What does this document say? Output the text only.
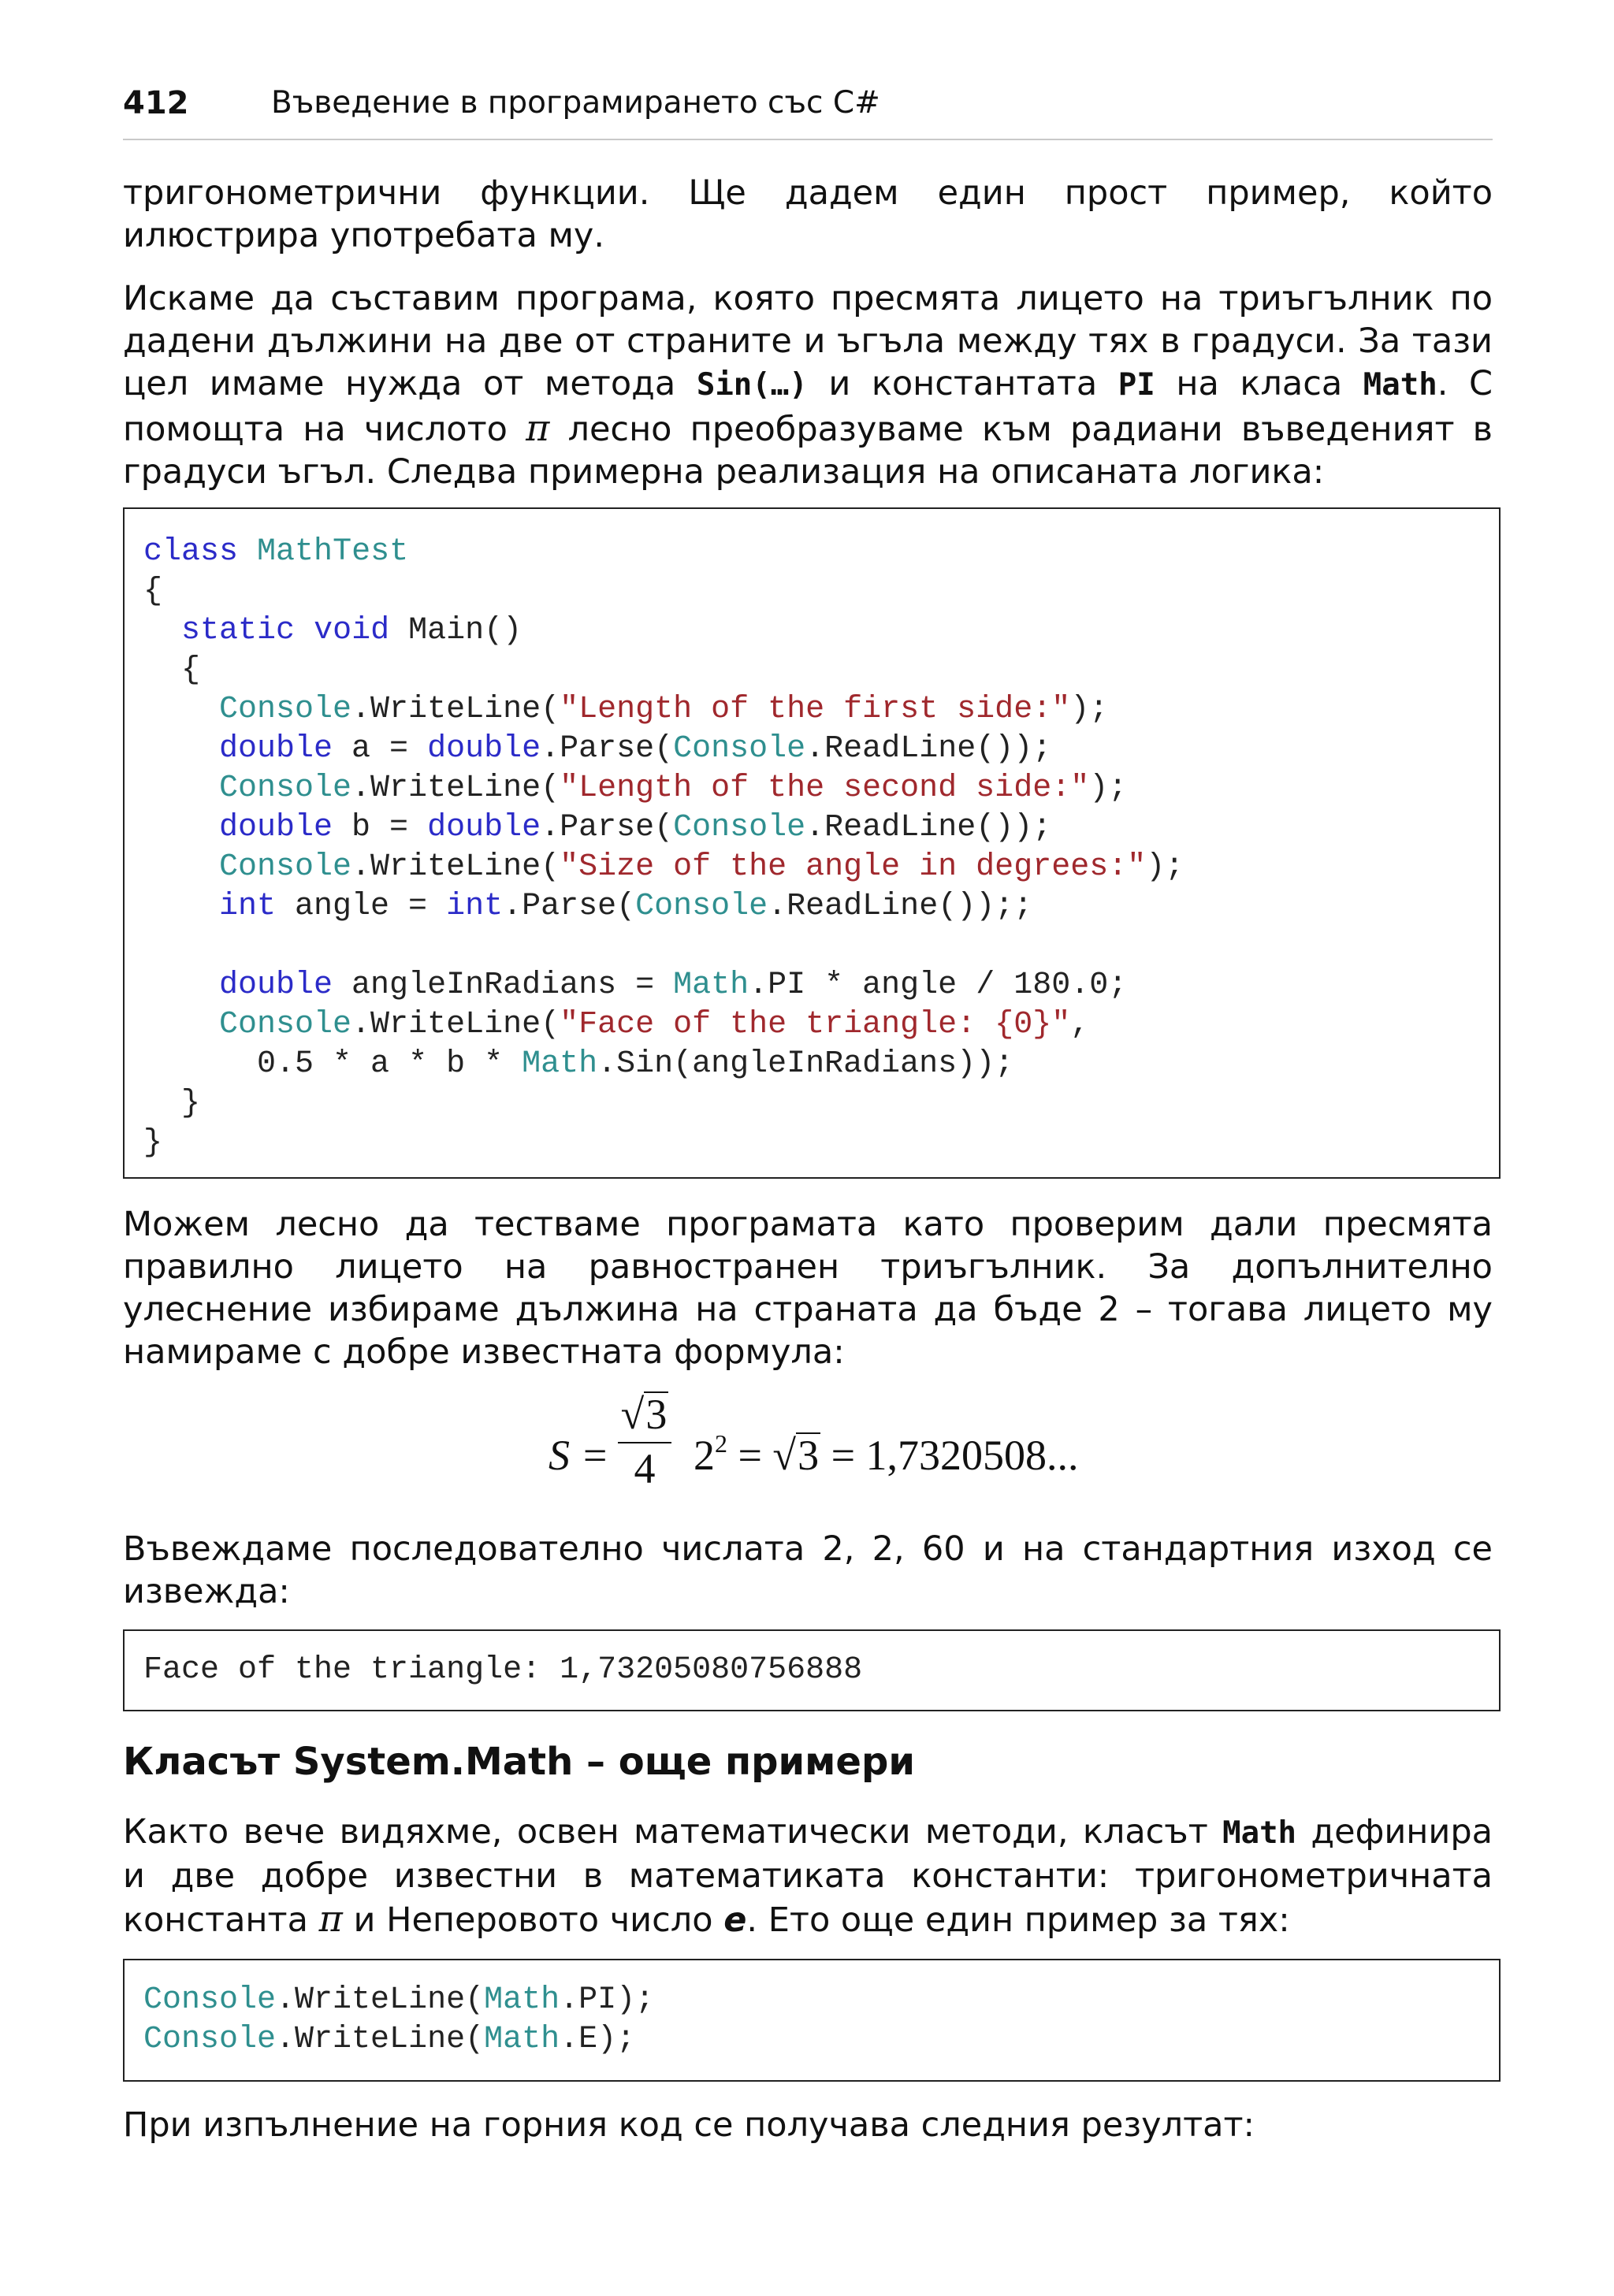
412	Въведение в програмирането със C#

тригонометрични функции. Ще дадем един прост пример, който илюстрира употребата му.

Искаме да съставим програма, която пресмята лицето на триъгълник по дадени дължини на две от страните и ъгъла между тях в градуси. За тази цел имаме нужда от метода Sin(…) и константата PI на класа Math. С помощта на числото π лесно преобразуваме към радиани въведеният в градуси ъгъл. Следва примерна реализация на описаната логика:

class MathTest
{
static void Main()
{
Console.WriteLine("Length of the first side:");
double a = double.Parse(Console.ReadLine());
Console.WriteLine("Length of the second side:");
double b = double.Parse(Console.ReadLine());
Console.WriteLine("Size of the angle in degrees:");
int angle = int.Parse(Console.ReadLine());;
double angleInRadians = Math.PI * angle / 180.0;
Console.WriteLine("Face of the triangle: {0}",
0.5 * a * b * Math.Sin(angleInRadians));
}
}

Можем лесно да тестваме програмата като проверим дали пресмята правилно лицето на равностранен триъгълник. За допълнително улеснение избираме дължина на страната да бъде 2 – тогава лицето му намираме с добре известната формула:

$S = 2^2 = √3 = 1,7320508$...
√3
4

Въвеждаме последователно числата 2, 2, 60 и на стандартния изход се извежда:

Face of the triangle: 1,73205080756888

Класът System.Math – още примери

Както вече видяхме, освен математически методи, класът Math дефинира и две добре известни в математиката константи: тригонометричната константа π и Неперовото число e. Ето още един пример за тях:

Console.WriteLine(Math.PI);
Console.WriteLine(Math.E);

При изпълнение на горния код се получава следния резултат:
